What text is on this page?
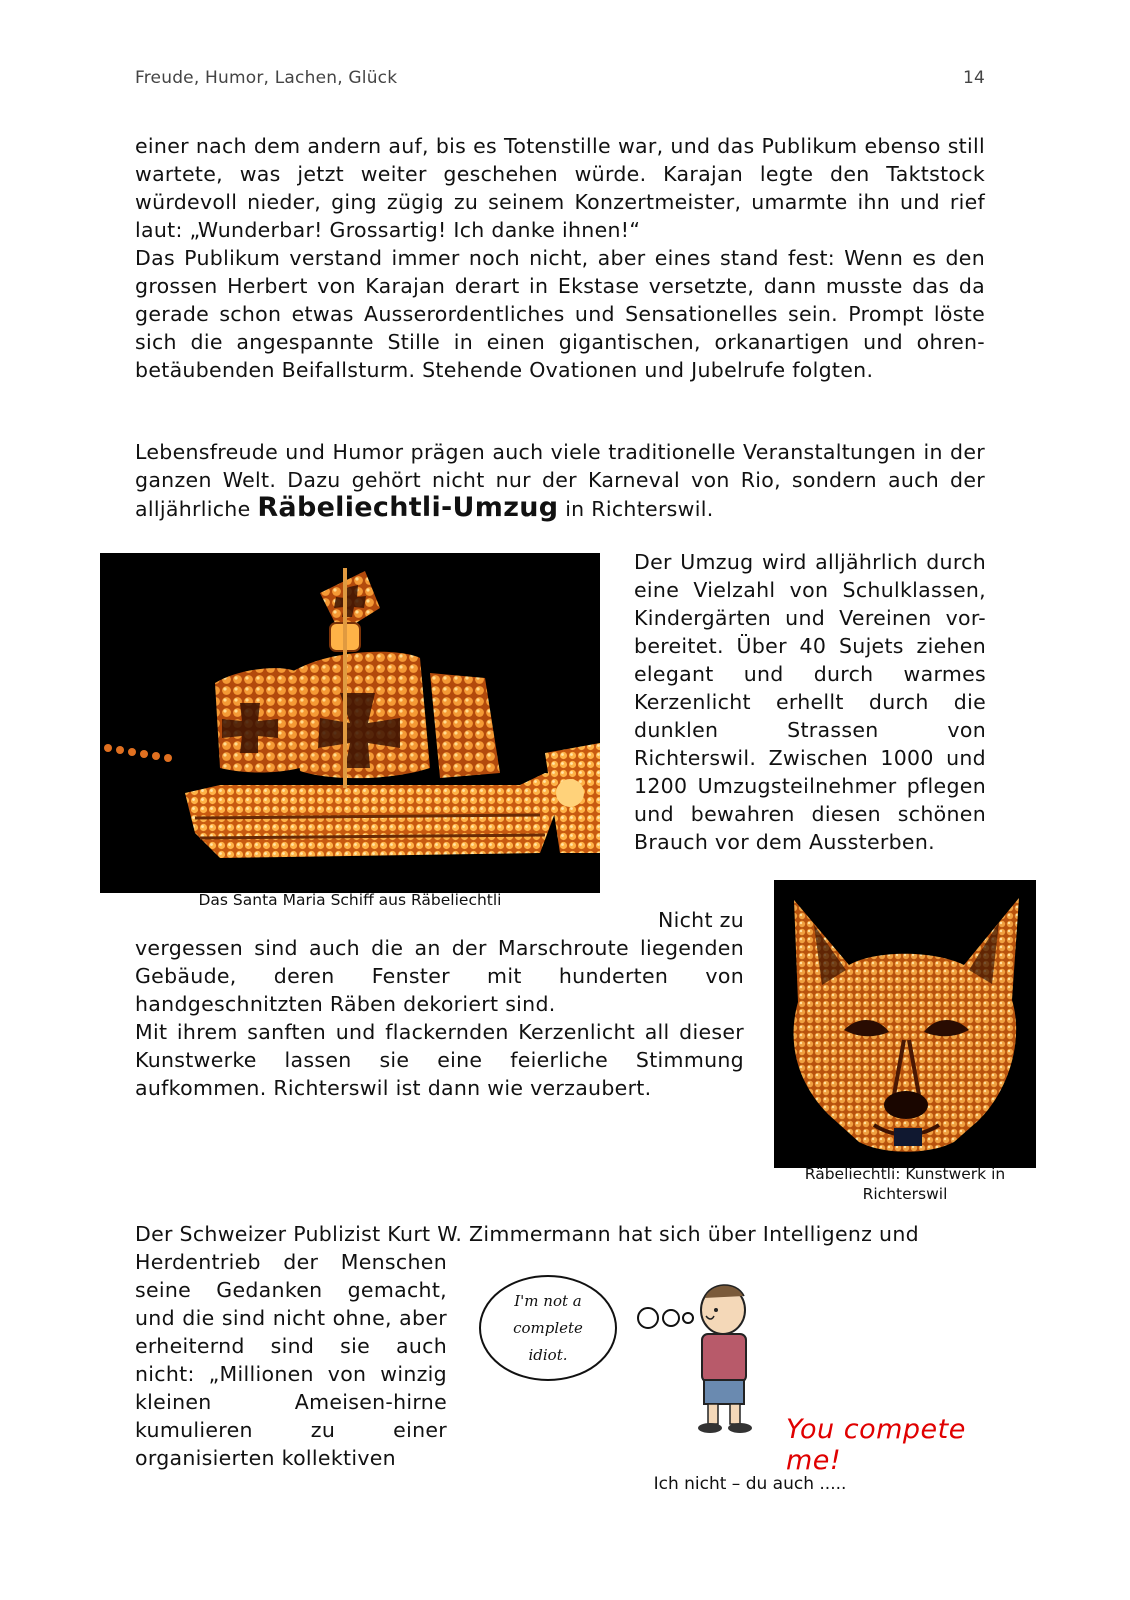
Freude, Humor, Lachen, Glück	14
einer nach dem andern auf, bis es Totenstille war, und das Publikum ebenso still wartete, was jetzt weiter geschehen würde. Karajan legte den Taktstock würdevoll nieder, ging zügig zu seinem Konzertmeister, umarmte ihn und rief laut: „Wunderbar! Grossartig! Ich danke ihnen!“
Das Publikum verstand immer noch nicht, aber eines stand fest: Wenn es den grossen Herbert von Karajan derart in Ekstase versetzte, dann musste das da gerade schon etwas Ausserordentliches und Sensationelles sein. Prompt löste sich die angespannte Stille in einen gigantischen, orkanartigen und ohren-betäubenden Beifallsturm. Stehende Ovationen und Jubelrufe folgten.
Lebensfreude und Humor prägen auch viele traditionelle Veranstaltungen in der ganzen Welt. Dazu gehört nicht nur der Karneval von Rio, sondern auch der alljährliche Räbeliechtli-Umzug in Richterswil.
Das Santa Maria Schiff aus Räbeliechtli
Der Umzug wird alljährlich durch eine Vielzahl von Schulklassen, Kindergärten und Vereinen vor-bereitet. Über 40 Sujets ziehen elegant und durch warmes Kerzenlicht erhellt durch die dunklen Strassen von Richterswil. Zwischen 1000 und 1200 Umzugsteilnehmer pflegen und bewahren diesen schönen Brauch vor dem Aussterben.
Räbeliechtli: Kunstwerk in Richterswil
Nicht zu
vergessen sind auch die an der Marschroute liegenden Gebäude, deren Fenster mit hunderten von handgeschnitzten Räben dekoriert sind.
Mit ihrem sanften und flackernden Kerzenlicht all dieser Kunstwerke lassen sie eine feierliche Stimmung aufkommen. Richterswil ist dann wie verzaubert.
Der Schweizer Publizist Kurt W. Zimmermann hat sich über Intelligenz und
Herdentrieb der Menschen seine Gedanken gemacht, und die sind nicht ohne, aber erheiternd sind sie auch nicht: „Millionen von winzig kleinen Ameisen-hirne kumulieren zu einer organisierten kollektiven
I'm not a
complete
idiot.
You compete me!
Ich nicht – du auch .....
